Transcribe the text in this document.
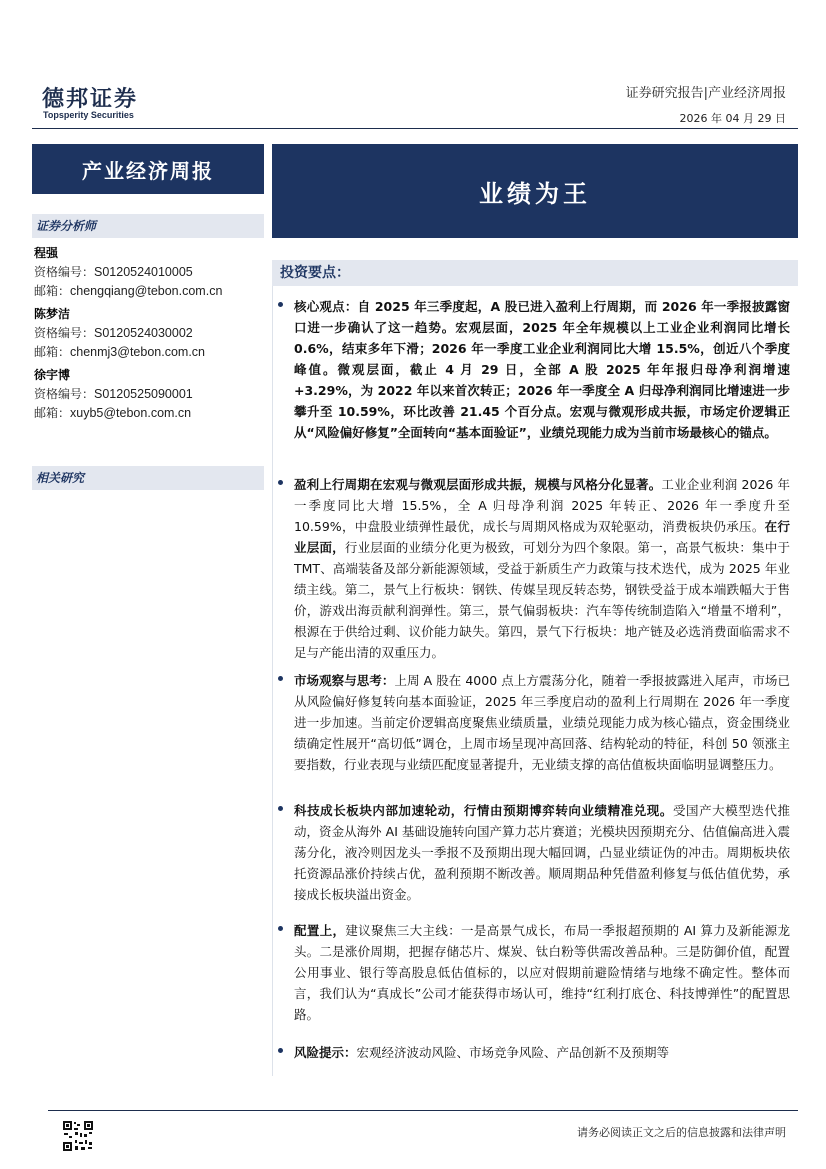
德邦证券
Topsperity Securities
证券研究报告|产业经济周报
2026 年 04 月 29 日
产业经济周报
业绩为王
证券分析师
程强
资格编号：S0120524010005
邮箱：chengqiang@tebon.com.cn
陈梦洁
资格编号：S0120524030002
邮箱：chenmj3@tebon.com.cn
徐宇博
资格编号：S0120525090001
邮箱：xuyb5@tebon.com.cn
相关研究
投资要点：
核心观点：自 2025 年三季度起，A 股已进入盈利上行周期，而 2026 年一季报披露窗口进一步确认了这一趋势。宏观层面，2025 年全年规模以上工业企业利润同比增长 0.6%，结束多年下滑；2026 年一季度工业企业利润同比大增 15.5%，创近八个季度峰值。微观层面，截止 4 月 29 日，全部 A 股 2025 年年报归母净利润增速+3.29%，为 2022 年以来首次转正；2026 年一季度全 A 归母净利润同比增速进一步攀升至 10.59%，环比改善 21.45 个百分点。宏观与微观形成共振，市场定价逻辑正从“风险偏好修复”全面转向“基本面验证”，业绩兑现能力成为当前市场最核心的锚点。
盈利上行周期在宏观与微观层面形成共振，规模与风格分化显著。工业企业利润 2026 年一季度同比大增 15.5%，全 A 归母净利润 2025 年转正、2026 年一季度升至 10.59%，中盘股业绩弹性最优，成长与周期风格成为双轮驱动，消费板块仍承压。在行业层面，行业层面的业绩分化更为极致，可划分为四个象限。第一，高景气板块：集中于 TMT、高端装备及部分新能源领域，受益于新质生产力政策与技术迭代，成为 2025 年业绩主线。第二，景气上行板块：钢铁、传媒呈现反转态势，钢铁受益于成本端跌幅大于售价，游戏出海贡献利润弹性。第三，景气偏弱板块：汽车等传统制造陷入“增量不增利”，根源在于供给过剩、议价能力缺失。第四，景气下行板块：地产链及必选消费面临需求不足与产能出清的双重压力。
市场观察与思考：上周 A 股在 4000 点上方震荡分化，随着一季报披露进入尾声，市场已从风险偏好修复转向基本面验证，2025 年三季度启动的盈利上行周期在 2026 年一季度进一步加速。当前定价逻辑高度聚焦业绩质量，业绩兑现能力成为核心锚点，资金围绕业绩确定性展开“高切低”调仓，上周市场呈现冲高回落、结构轮动的特征，科创 50 领涨主要指数，行业表现与业绩匹配度显著提升，无业绩支撑的高估值板块面临明显调整压力。
科技成长板块内部加速轮动，行情由预期博弈转向业绩精准兑现。受国产大模型迭代推动，资金从海外 AI 基础设施转向国产算力芯片赛道；光模块因预期充分、估值偏高进入震荡分化，液冷则因龙头一季报不及预期出现大幅回调，凸显业绩证伪的冲击。周期板块依托资源品涨价持续占优，盈利预期不断改善。顺周期品种凭借盈利修复与低估值优势，承接成长板块溢出资金。
配置上，建议聚焦三大主线：一是高景气成长，布局一季报超预期的 AI 算力及新能源龙头。二是涨价周期，把握存储芯片、煤炭、钛白粉等供需改善品种。三是防御价值，配置公用事业、银行等高股息低估值标的，以应对假期前避险情绪与地缘不确定性。整体而言，我们认为“真成长”公司才能获得市场认可，维持“红利打底仓、科技博弹性”的配置思路。
风险提示：宏观经济波动风险、市场竞争风险、产品创新不及预期等
请务必阅读正文之后的信息披露和法律声明
